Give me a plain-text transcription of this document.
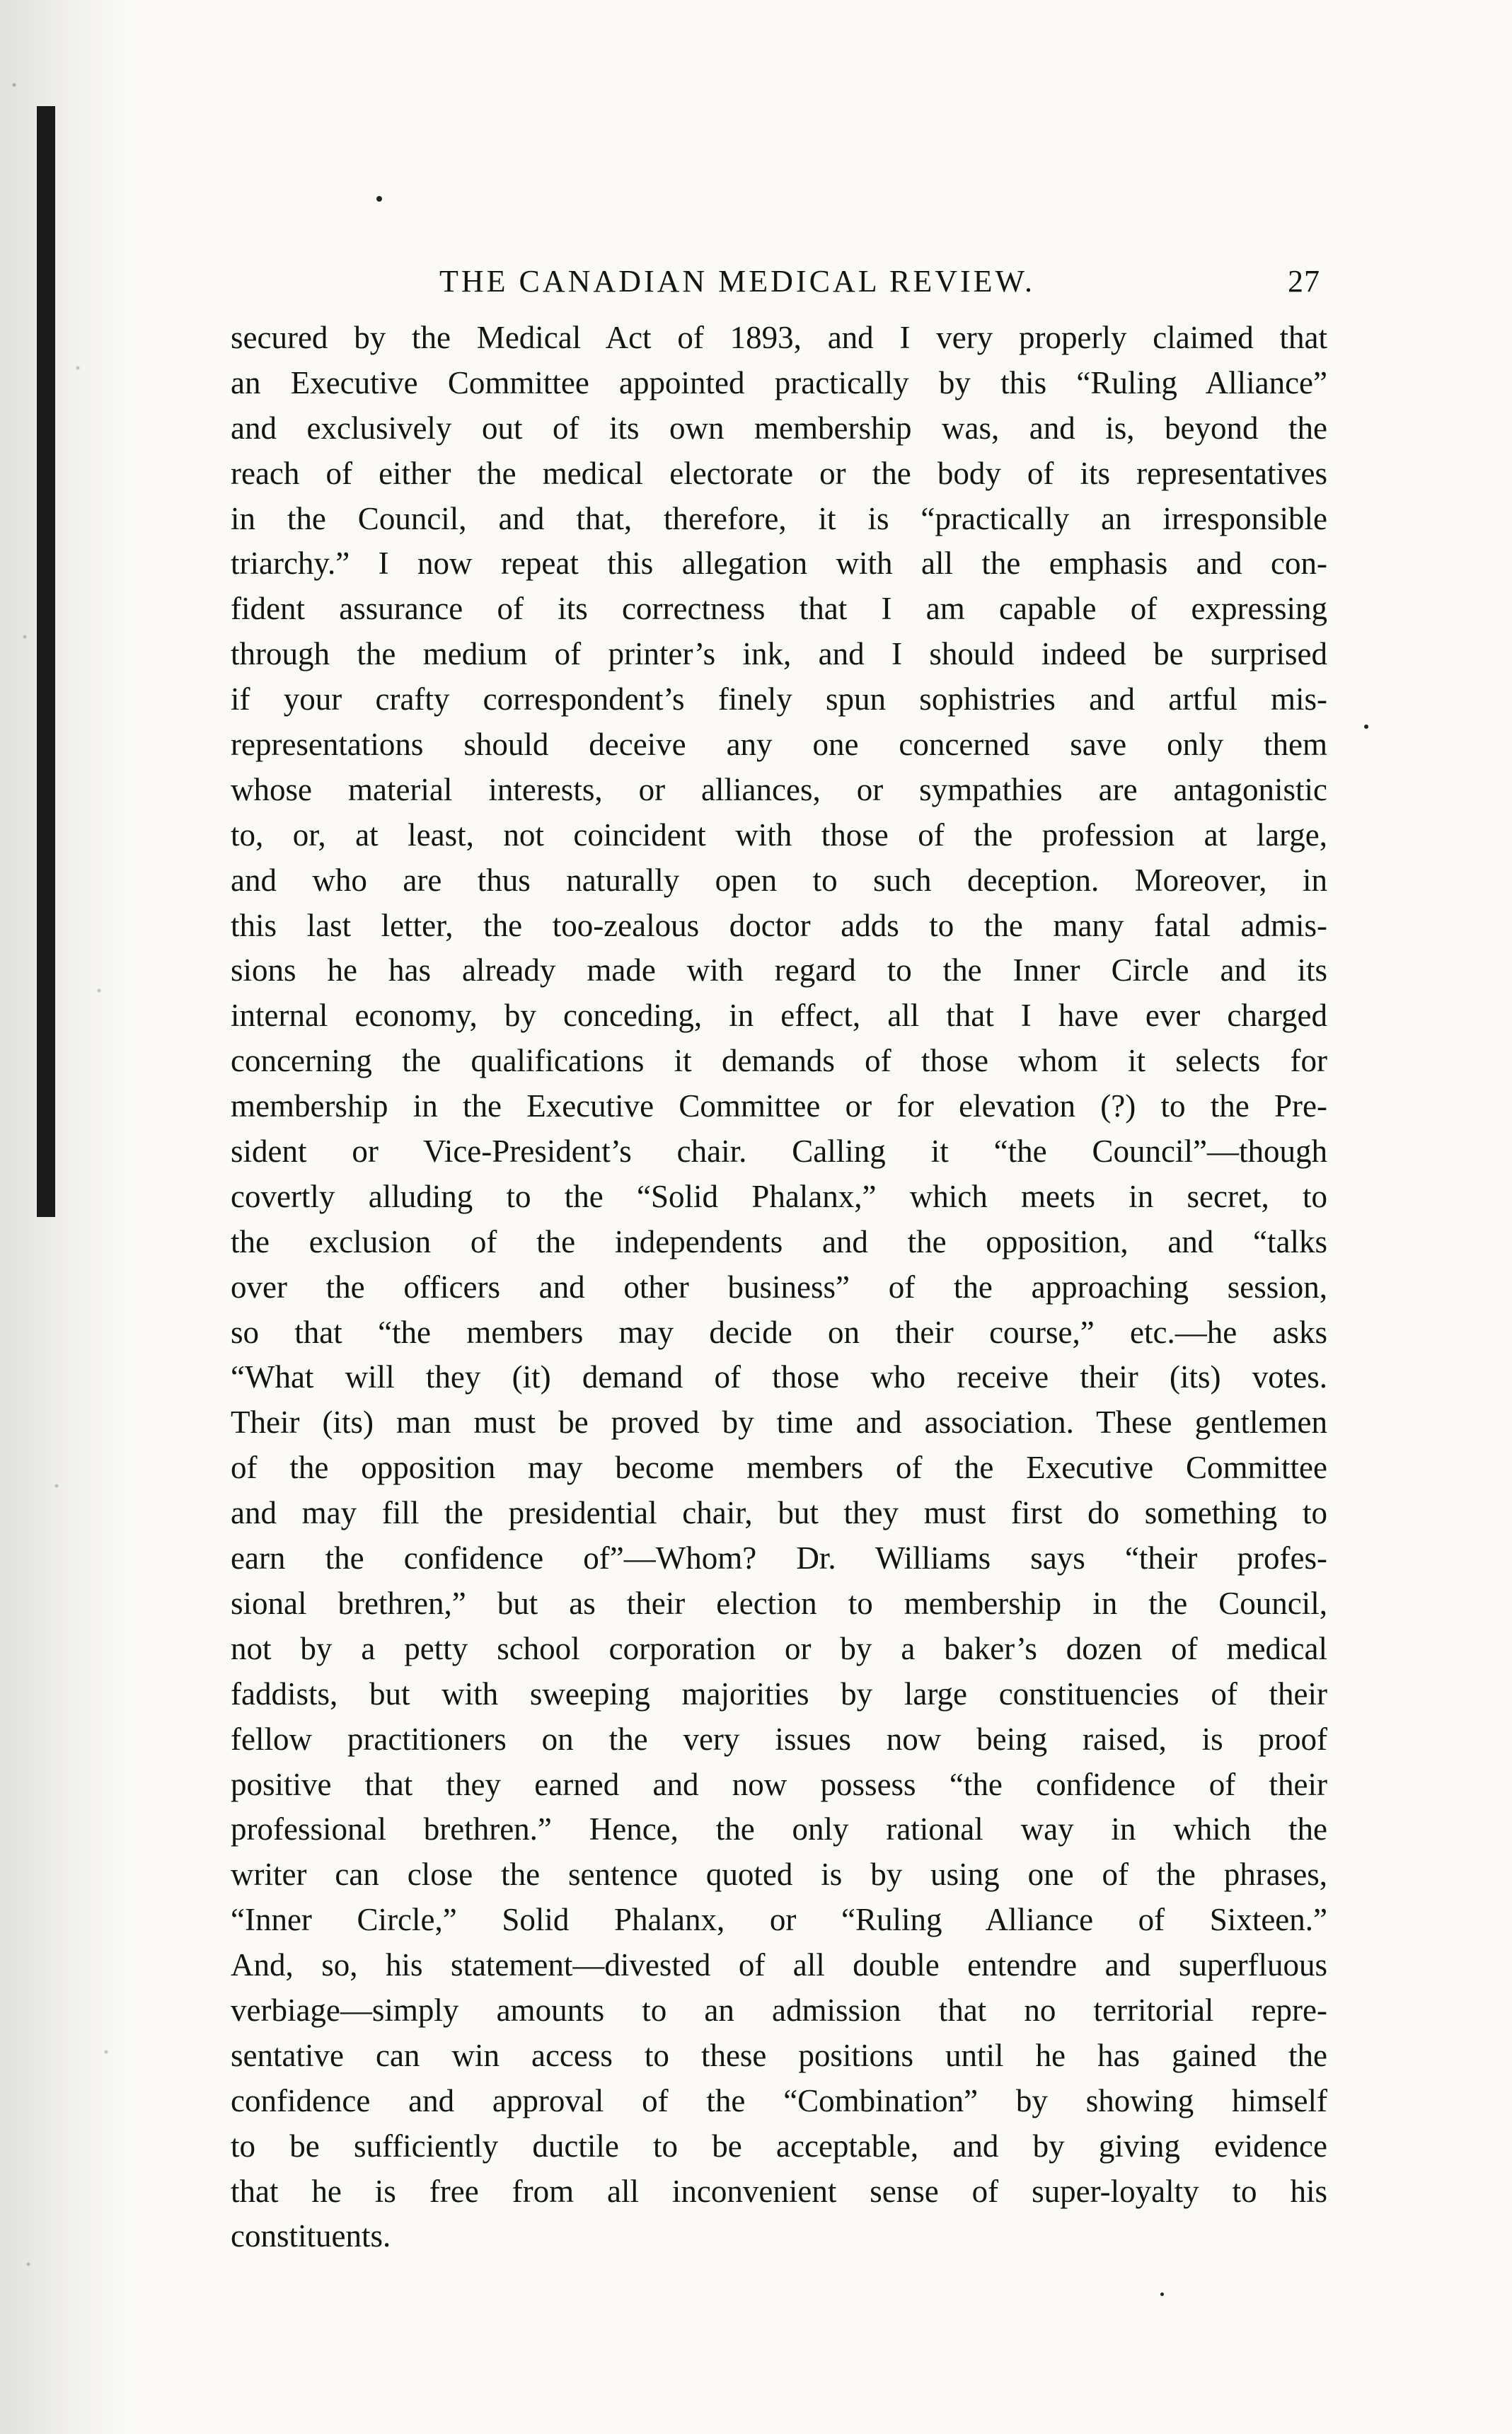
THE CANADIAN MEDICAL REVIEW.	27
secured by the Medical Act of 1893, and I very properly claimed that
an Executive Committee appointed practically by this “Ruling Alliance”
and exclusively out of its own membership was, and is, beyond the
reach of either the medical electorate or the body of its representatives
in the Council, and that, therefore, it is “practically an irresponsible
triarchy.” I now repeat this allegation with all the emphasis and con-
fident assurance of its correctness that I am capable of expressing
through the medium of printer’s ink, and I should indeed be surprised
if your crafty correspondent’s finely spun sophistries and artful mis-
representations should deceive any one concerned save only them
whose material interests, or alliances, or sympathies are antagonistic
to, or, at least, not coincident with those of the profession at large,
and who are thus naturally open to such deception. Moreover, in
this last letter, the too-zealous doctor adds to the many fatal admis-
sions he has already made with regard to the Inner Circle and its
internal economy, by conceding, in effect, all that I have ever charged
concerning the qualifications it demands of those whom it selects for
membership in the Executive Committee or for elevation (?) to the Pre-
sident or Vice-President’s chair. Calling it “the Council”—though
covertly alluding to the “Solid Phalanx,” which meets in secret, to
the exclusion of the independents and the opposition, and “talks
over the officers and other business” of the approaching session,
so that “the members may decide on their course,” etc.—he asks
“What will they (it) demand of those who receive their (its) votes.
Their (its) man must be proved by time and association. These gentlemen
of the opposition may become members of the Executive Committee
and may fill the presidential chair, but they must first do something to
earn the confidence of”—Whom? Dr. Williams says “their profes-
sional brethren,” but as their election to membership in the Council,
not by a petty school corporation or by a baker’s dozen of medical
faddists, but with sweeping majorities by large constituencies of their
fellow practitioners on the very issues now being raised, is proof
positive that they earned and now possess “the confidence of their
professional brethren.” Hence, the only rational way in which the
writer can close the sentence quoted is by using one of the phrases,
“Inner Circle,” Solid Phalanx, or “Ruling Alliance of Sixteen.”
And, so, his statement—divested of all double entendre and superfluous
verbiage—simply amounts to an admission that no territorial repre-
sentative can win access to these positions until he has gained the
confidence and approval of the “Combination” by showing himself
to be sufficiently ductile to be acceptable, and by giving evidence
that he is free from all inconvenient sense of super-loyalty to his
constituents.
